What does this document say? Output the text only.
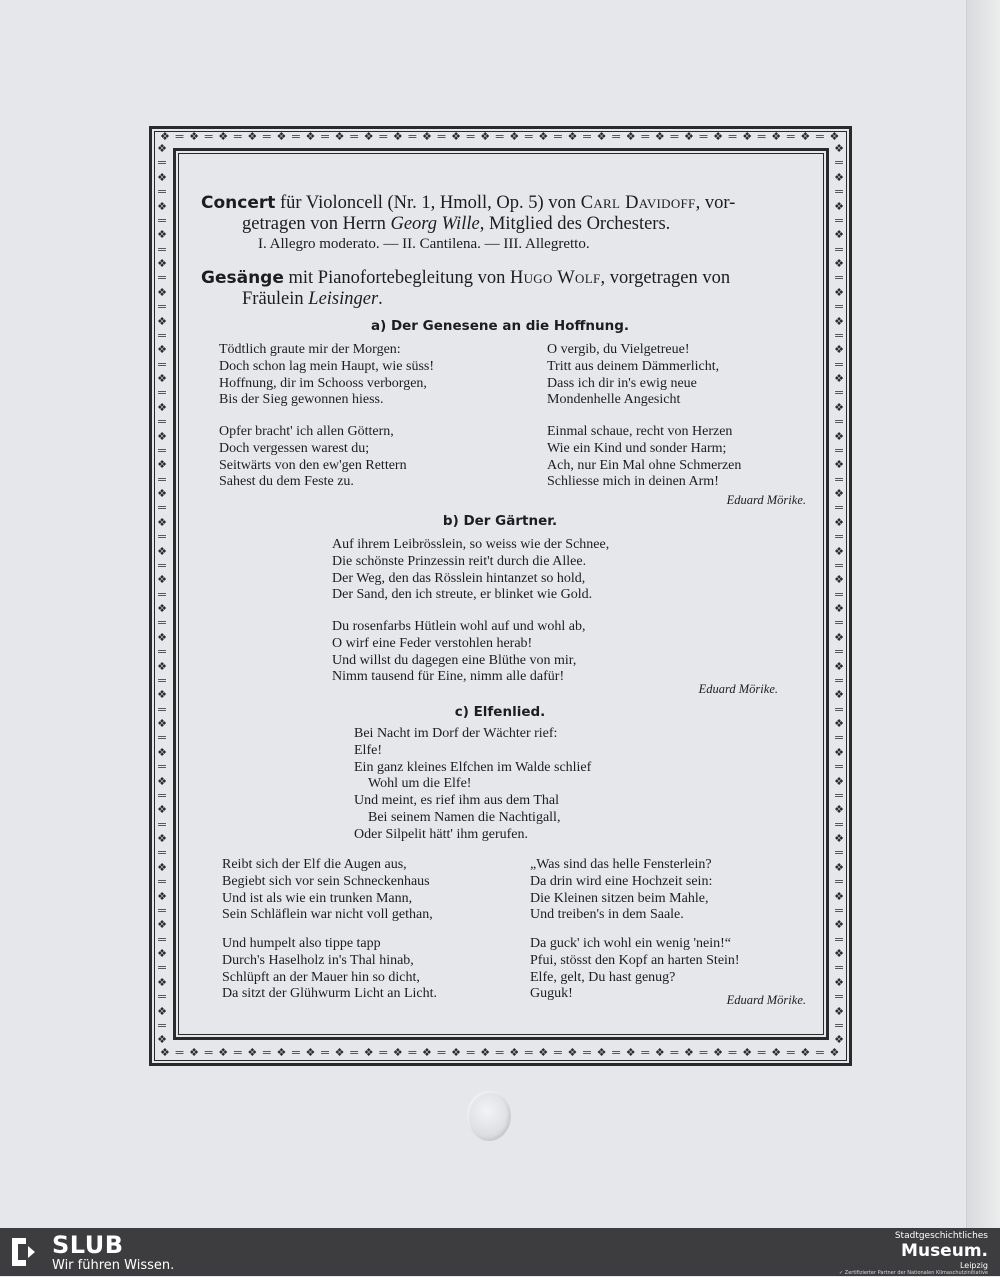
❖ ═ ❖ ═ ❖ ═ ❖ ═ ❖ ═ ❖ ═ ❖ ═ ❖ ═ ❖ ═ ❖ ═ ❖ ═ ❖ ═ ❖ ═ ❖ ═ ❖ ═ ❖ ═ ❖ ═ ❖ ═ ❖ ═ ❖ ═ ❖ ═ ❖ ═ ❖ ═ ❖
❖ ═ ❖ ═ ❖ ═ ❖ ═ ❖ ═ ❖ ═ ❖ ═ ❖ ═ ❖ ═ ❖ ═ ❖ ═ ❖ ═ ❖ ═ ❖ ═ ❖ ═ ❖ ═ ❖ ═ ❖ ═ ❖ ═ ❖ ═ ❖ ═ ❖ ═ ❖ ═ ❖
❖
═
❖
═
❖
═
❖
═
❖
═
❖
═
❖
═
❖
═
❖
═
❖
═
❖
═
❖
═
❖
═
❖
═
❖
═
❖
═
❖
═
❖
═
❖
═
❖
═
❖
═
❖
═
❖
═
❖
═
❖
═
❖
═
❖
═
❖
═
❖
═
❖
═
❖
═
❖
❖
═
❖
═
❖
═
❖
═
❖
═
❖
═
❖
═
❖
═
❖
═
❖
═
❖
═
❖
═
❖
═
❖
═
❖
═
❖
═
❖
═
❖
═
❖
═
❖
═
❖
═
❖
═
❖
═
❖
═
❖
═
❖
═
❖
═
❖
═
❖
═
❖
═
❖
═
❖
Concert für Violoncell (Nr. 1, Hmoll, Op. 5) von Carl Davidoff, vor-
getragen von Herrn Georg Wille, Mitglied des Orchesters.
I. Allegro moderato. — II. Cantilena. — III. Allegretto.
Gesänge mit Pianofortebegleitung von Hugo Wolf, vorgetragen von
Fräulein Leisinger.
a) Der Genesene an die Hoffnung.
Tödtlich graute mir der Morgen:
Doch schon lag mein Haupt, wie süss!
Hoffnung, dir im Schooss verborgen,
Bis der Sieg gewonnen hiess.
Opfer bracht' ich allen Göttern,
Doch vergessen warest du;
Seitwärts von den ew'gen Rettern
Sahest du dem Feste zu.
O vergib, du Vielgetreue!
Tritt aus deinem Dämmerlicht,
Dass ich dir in's ewig neue
Mondenhelle Angesicht
Einmal schaue, recht von Herzen
Wie ein Kind und sonder Harm;
Ach, nur Ein Mal ohne Schmerzen
Schliesse mich in deinen Arm!
Eduard Mörike.
b) Der Gärtner.
Auf ihrem Leibrösslein, so weiss wie der Schnee,
Die schönste Prinzessin reit't durch die Allee.
Der Weg, den das Rösslein hintanzet so hold,
Der Sand, den ich streute, er blinket wie Gold.
Du rosenfarbs Hütlein wohl auf und wohl ab,
O wirf eine Feder verstohlen herab!
Und willst du dagegen eine Blüthe von mir,
Nimm tausend für Eine, nimm alle dafür!
Eduard Mörike.
c) Elfenlied.
Bei Nacht im Dorf der Wächter rief:
Elfe!
Ein ganz kleines Elfchen im Walde schlief
Wohl um die Elfe!
Und meint, es rief ihm aus dem Thal
Bei seinem Namen die Nachtigall,
Oder Silpelit hätt' ihm gerufen.
Reibt sich der Elf die Augen aus,
Begiebt sich vor sein Schneckenhaus
Und ist als wie ein trunken Mann,
Sein Schläflein war nicht voll gethan,
Und humpelt also tippe tapp
Durch's Haselholz in's Thal hinab,
Schlüpft an der Mauer hin so dicht,
Da sitzt der Glühwurm Licht an Licht.
„Was sind das helle Fensterlein?
Da drin wird eine Hochzeit sein:
Die Kleinen sitzen beim Mahle,
Und treiben's in dem Saale.
Da guck' ich wohl ein wenig 'nein!“
Pfui, stösst den Kopf an harten Stein!
Elfe, gelt, Du hast genug?
Guguk!	Eduard Mörike.
SLUB
Wir führen Wissen.
Stadtgeschichtliches
Museum.
Leipzig
✓ Zertifizierter Partner der Nationalen Klimaschutzinitiative
